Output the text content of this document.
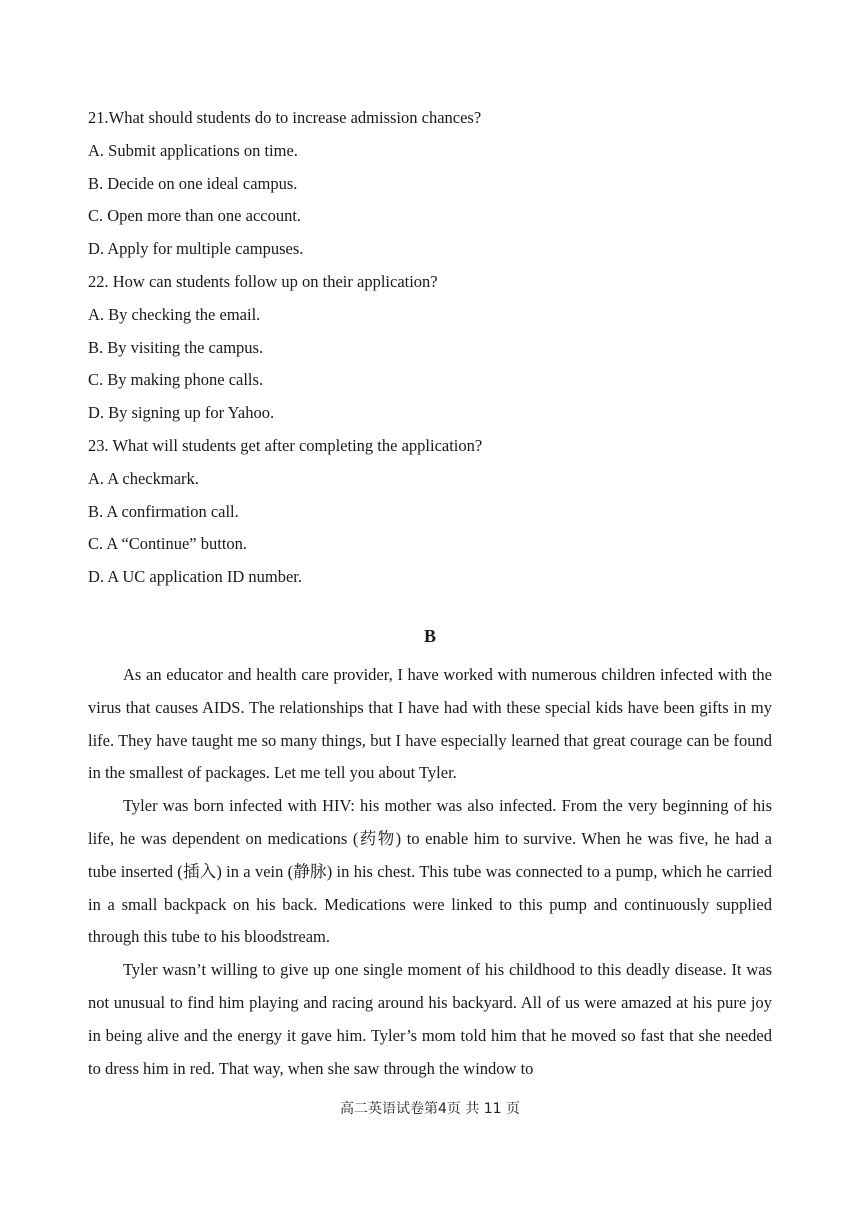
21.What should students do to increase admission chances?
A. Submit applications on time.
B. Decide on one ideal campus.
C. Open more than one account.
D. Apply for multiple campuses.
22. How can students follow up on their application?
A. By checking the email.
B. By visiting the campus.
C. By making phone calls.
D. By signing up for Yahoo.
23. What will students get after completing the application?
A. A checkmark.
B. A confirmation call.
C. A “Continue” button.
D. A UC application ID number.
B

As an educator and health care provider, I have worked with numerous children infected with the virus that causes AIDS. The relationships that I have had with these special kids have been gifts in my life. They have taught me so many things, but I have especially learned that great courage can be found in the smallest of packages. Let me tell you about Tyler.

Tyler was born infected with HIV: his mother was also infected. From the very beginning of his life, he was dependent on medications (药物) to enable him to survive. When he was five, he had a tube inserted (插入) in a vein (静脉) in his chest. This tube was connected to a pump, which he carried in a small backpack on his back. Medications were linked to this pump and continuously supplied through this tube to his bloodstream.

Tyler wasn’t willing to give up one single moment of his childhood to this deadly disease. It was not unusual to find him playing and racing around his backyard. All of us were amazed at his pure joy in being alive and the energy it gave him. Tyler’s mom told him that he moved so fast that she needed to dress him in red. That way, when she saw through the window to

高二英语试卷第4页 共 11 页
